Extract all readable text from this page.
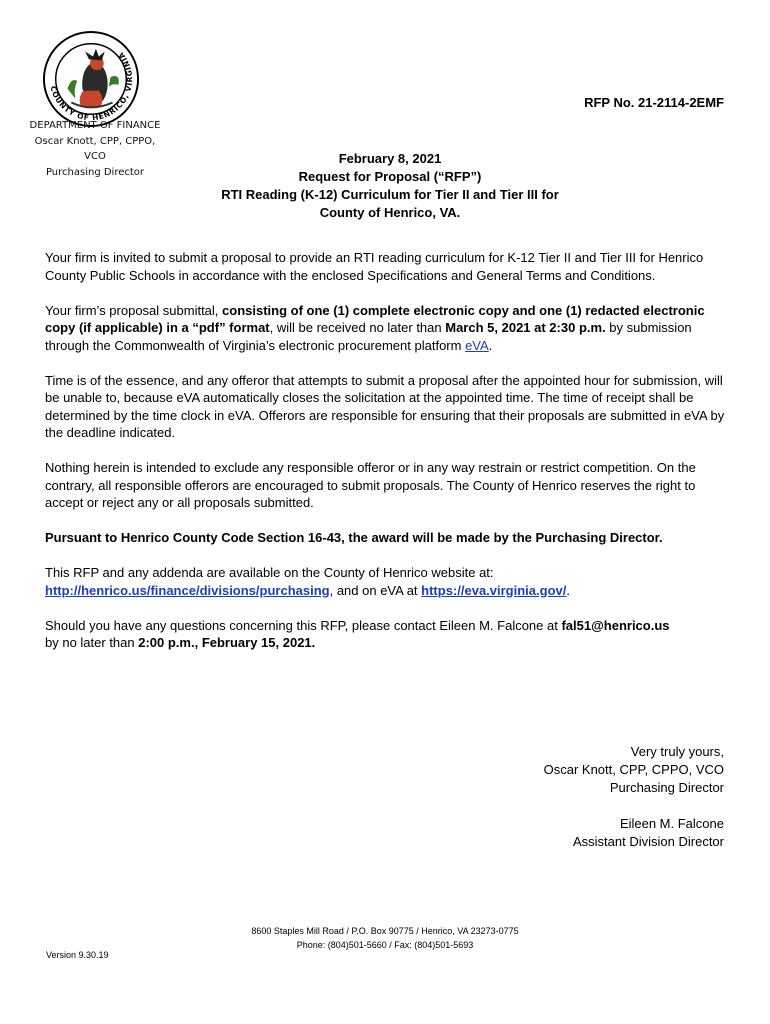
COUNTY OF HENRICO, VIRGINIA
DEPARTMENT OF FINANCE
Oscar Knott, CPP, CPPO, VCO
Purchasing Director
RFP No. 21-2114-2EMF
February 8, 2021
Request for Proposal (“RFP”)
RTI Reading (K-12) Curriculum for Tier II and Tier III for
County of Henrico, VA.

Your firm is invited to submit a proposal to provide an RTI reading curriculum for K-12 Tier II and Tier III for Henrico County Public Schools in accordance with the enclosed Specifications and General Terms and Conditions.

Your firm’s proposal submittal, consisting of one (1) complete electronic copy and one (1) redacted electronic copy (if applicable) in a “pdf” format, will be received no later than March 5, 2021 at 2:30 p.m. by submission through the Commonwealth of Virginia’s electronic procurement platform eVA.

Time is of the essence, and any offeror that attempts to submit a proposal after the appointed hour for submission, will be unable to, because eVA automatically closes the solicitation at the appointed time. The time of receipt shall be determined by the time clock in eVA. Offerors are responsible for ensuring that their proposals are submitted in eVA by the deadline indicated.

Nothing herein is intended to exclude any responsible offeror or in any way restrain or restrict competition. On the contrary, all responsible offerors are encouraged to submit proposals. The County of Henrico reserves the right to accept or reject any or all proposals submitted.

Pursuant to Henrico County Code Section 16-43, the award will be made by the Purchasing Director.

This RFP and any addenda are available on the County of Henrico website at:
http://henrico.us/finance/divisions/purchasing, and on eVA at https://eva.virginia.gov/.

Should you have any questions concerning this RFP, please contact Eileen M. Falcone at fal51@henrico.us
by no later than 2:00 p.m., February 15, 2021.

Very truly yours,
Oscar Knott, CPP, CPPO, VCO
Purchasing Director
Eileen M. Falcone
Assistant Division Director
8600 Staples Mill Road / P.O. Box 90775 / Henrico, VA 23273-0775
Phone: (804)501-5660 / Fax: (804)501-5693
Version 9.30.19
